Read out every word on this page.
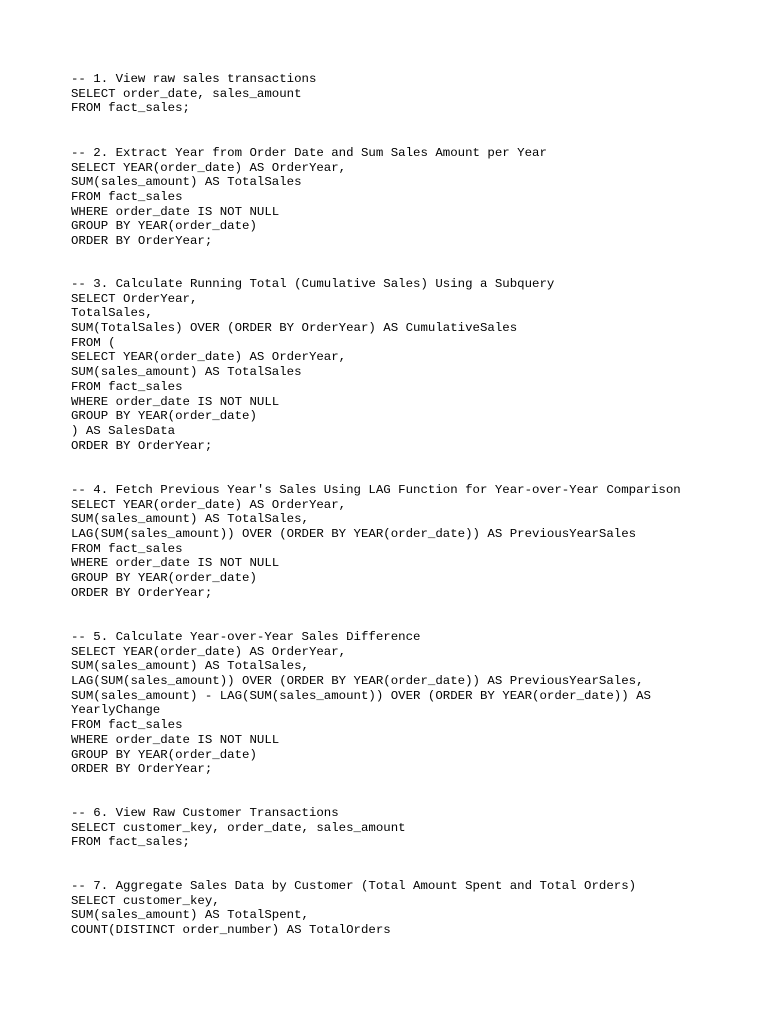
-- 1. View raw sales transactions
SELECT order_date, sales_amount
FROM fact_sales;
-- 2. Extract Year from Order Date and Sum Sales Amount per Year
SELECT YEAR(order_date) AS OrderYear,
SUM(sales_amount) AS TotalSales
FROM fact_sales
WHERE order_date IS NOT NULL
GROUP BY YEAR(order_date)
ORDER BY OrderYear;
-- 3. Calculate Running Total (Cumulative Sales) Using a Subquery
SELECT OrderYear,
TotalSales,
SUM(TotalSales) OVER (ORDER BY OrderYear) AS CumulativeSales
FROM (
SELECT YEAR(order_date) AS OrderYear,
SUM(sales_amount) AS TotalSales
FROM fact_sales
WHERE order_date IS NOT NULL
GROUP BY YEAR(order_date)
) AS SalesData
ORDER BY OrderYear;
-- 4. Fetch Previous Year's Sales Using LAG Function for Year-over-Year Comparison
SELECT YEAR(order_date) AS OrderYear,
SUM(sales_amount) AS TotalSales,
LAG(SUM(sales_amount)) OVER (ORDER BY YEAR(order_date)) AS PreviousYearSales
FROM fact_sales
WHERE order_date IS NOT NULL
GROUP BY YEAR(order_date)
ORDER BY OrderYear;
-- 5. Calculate Year-over-Year Sales Difference
SELECT YEAR(order_date) AS OrderYear,
SUM(sales_amount) AS TotalSales,
LAG(SUM(sales_amount)) OVER (ORDER BY YEAR(order_date)) AS PreviousYearSales,
SUM(sales_amount) - LAG(SUM(sales_amount)) OVER (ORDER BY YEAR(order_date)) AS
YearlyChange
FROM fact_sales
WHERE order_date IS NOT NULL
GROUP BY YEAR(order_date)
ORDER BY OrderYear;
-- 6. View Raw Customer Transactions
SELECT customer_key, order_date, sales_amount
FROM fact_sales;
-- 7. Aggregate Sales Data by Customer (Total Amount Spent and Total Orders)
SELECT customer_key,
SUM(sales_amount) AS TotalSpent,
COUNT(DISTINCT order_number) AS TotalOrders
